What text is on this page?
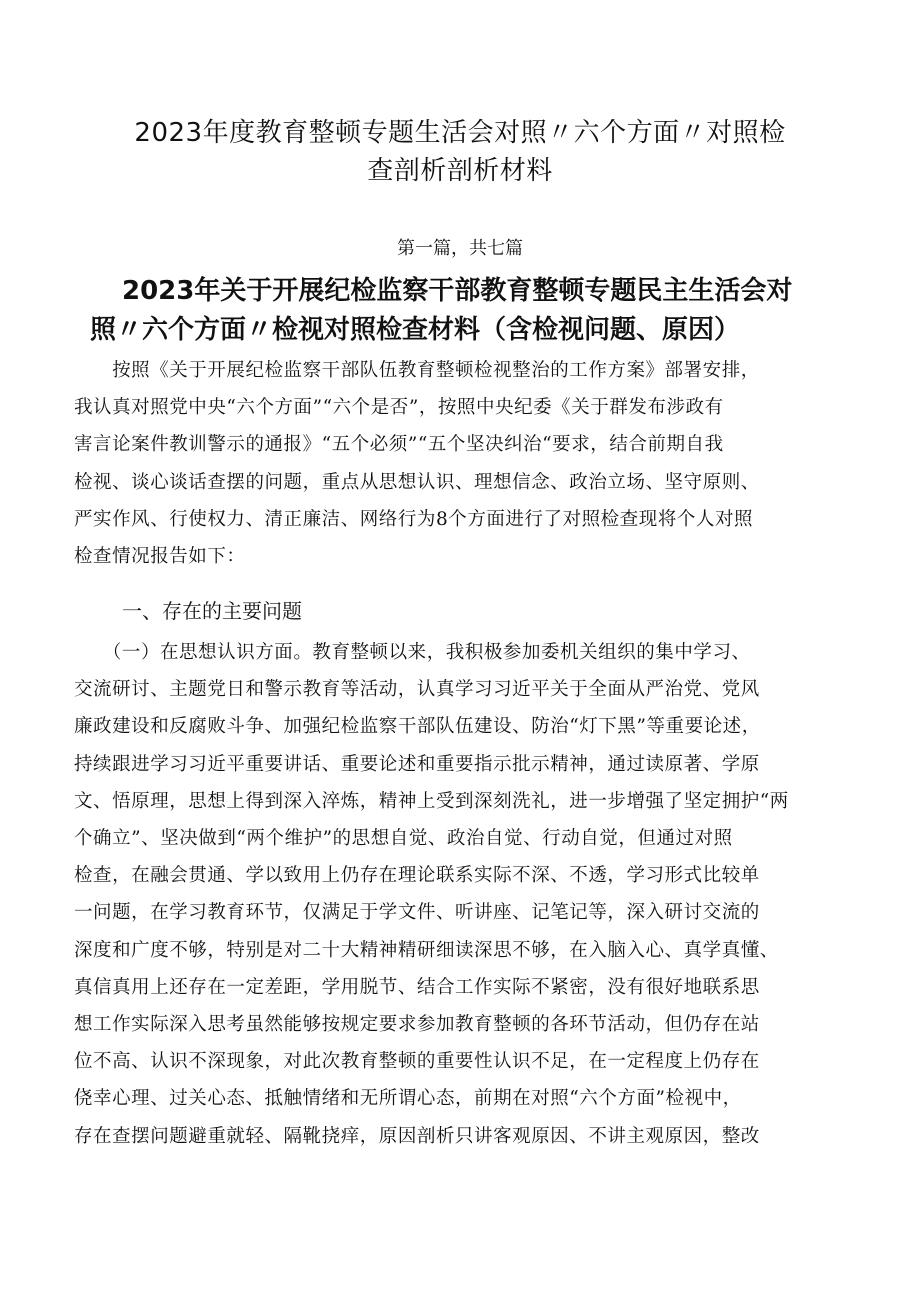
2023年度教育整顿专题生活会对照〃六个方面〃对照检
查剖析剖析材料
第一篇，共七篇
2023年关于开展纪检监察干部教育整顿专题民主生活会对
照〃六个方面〃检视对照检查材料（含检视问题、原因）
　　按照《关于开展纪检监察干部队伍教育整顿检视整治的工作方案》部署安排，
我认真对照党中央“六个方面”“六个是否”，按照中央纪委《关于群发布涉政有
害言论案件教训警示的通报》“五个必须”“五个坚决纠治“要求，结合前期自我
检视、谈心谈话查摆的问题，重点从思想认识、理想信念、政治立场、坚守原则、
严实作风、行使权力、清正廉洁、网络行为8个方面进行了对照检查现将个人对照
检查情况报告如下：
一、存在的主要问题
　　（一）在思想认识方面。教育整顿以来，我积极参加委机关组织的集中学习、
交流研讨、主题党日和警示教育等活动，认真学习习近平关于全面从严治党、党风
廉政建设和反腐败斗争、加强纪检监察干部队伍建设、防治“灯下黑”等重要论述，
持续跟进学习习近平重要讲话、重要论述和重要指示批示精神，通过读原著、学原
文、悟原理，思想上得到深入淬炼，精神上受到深刻洗礼，进一步增强了坚定拥护“两
个确立”、坚决做到“两个维护”的思想自觉、政治自觉、行动自觉，但通过对照
检查，在融会贯通、学以致用上仍存在理论联系实际不深、不透，学习形式比较单
一问题，在学习教育环节，仅满足于学文件、听讲座、记笔记等，深入研讨交流的
深度和广度不够，特别是对二十大精神精研细读深思不够，在入脑入心、真学真懂、
真信真用上还存在一定差距，学用脱节、结合工作实际不紧密，没有很好地联系思
想工作实际深入思考虽然能够按规定要求参加教育整顿的各环节活动，但仍存在站
位不高、认识不深现象，对此次教育整顿的重要性认识不足，在一定程度上仍存在
侥幸心理、过关心态、抵触情绪和无所谓心态，前期在对照“六个方面”检视中，
存在查摆问题避重就轻、隔靴挠痒，原因剖析只讲客观原因、不讲主观原因，整改
